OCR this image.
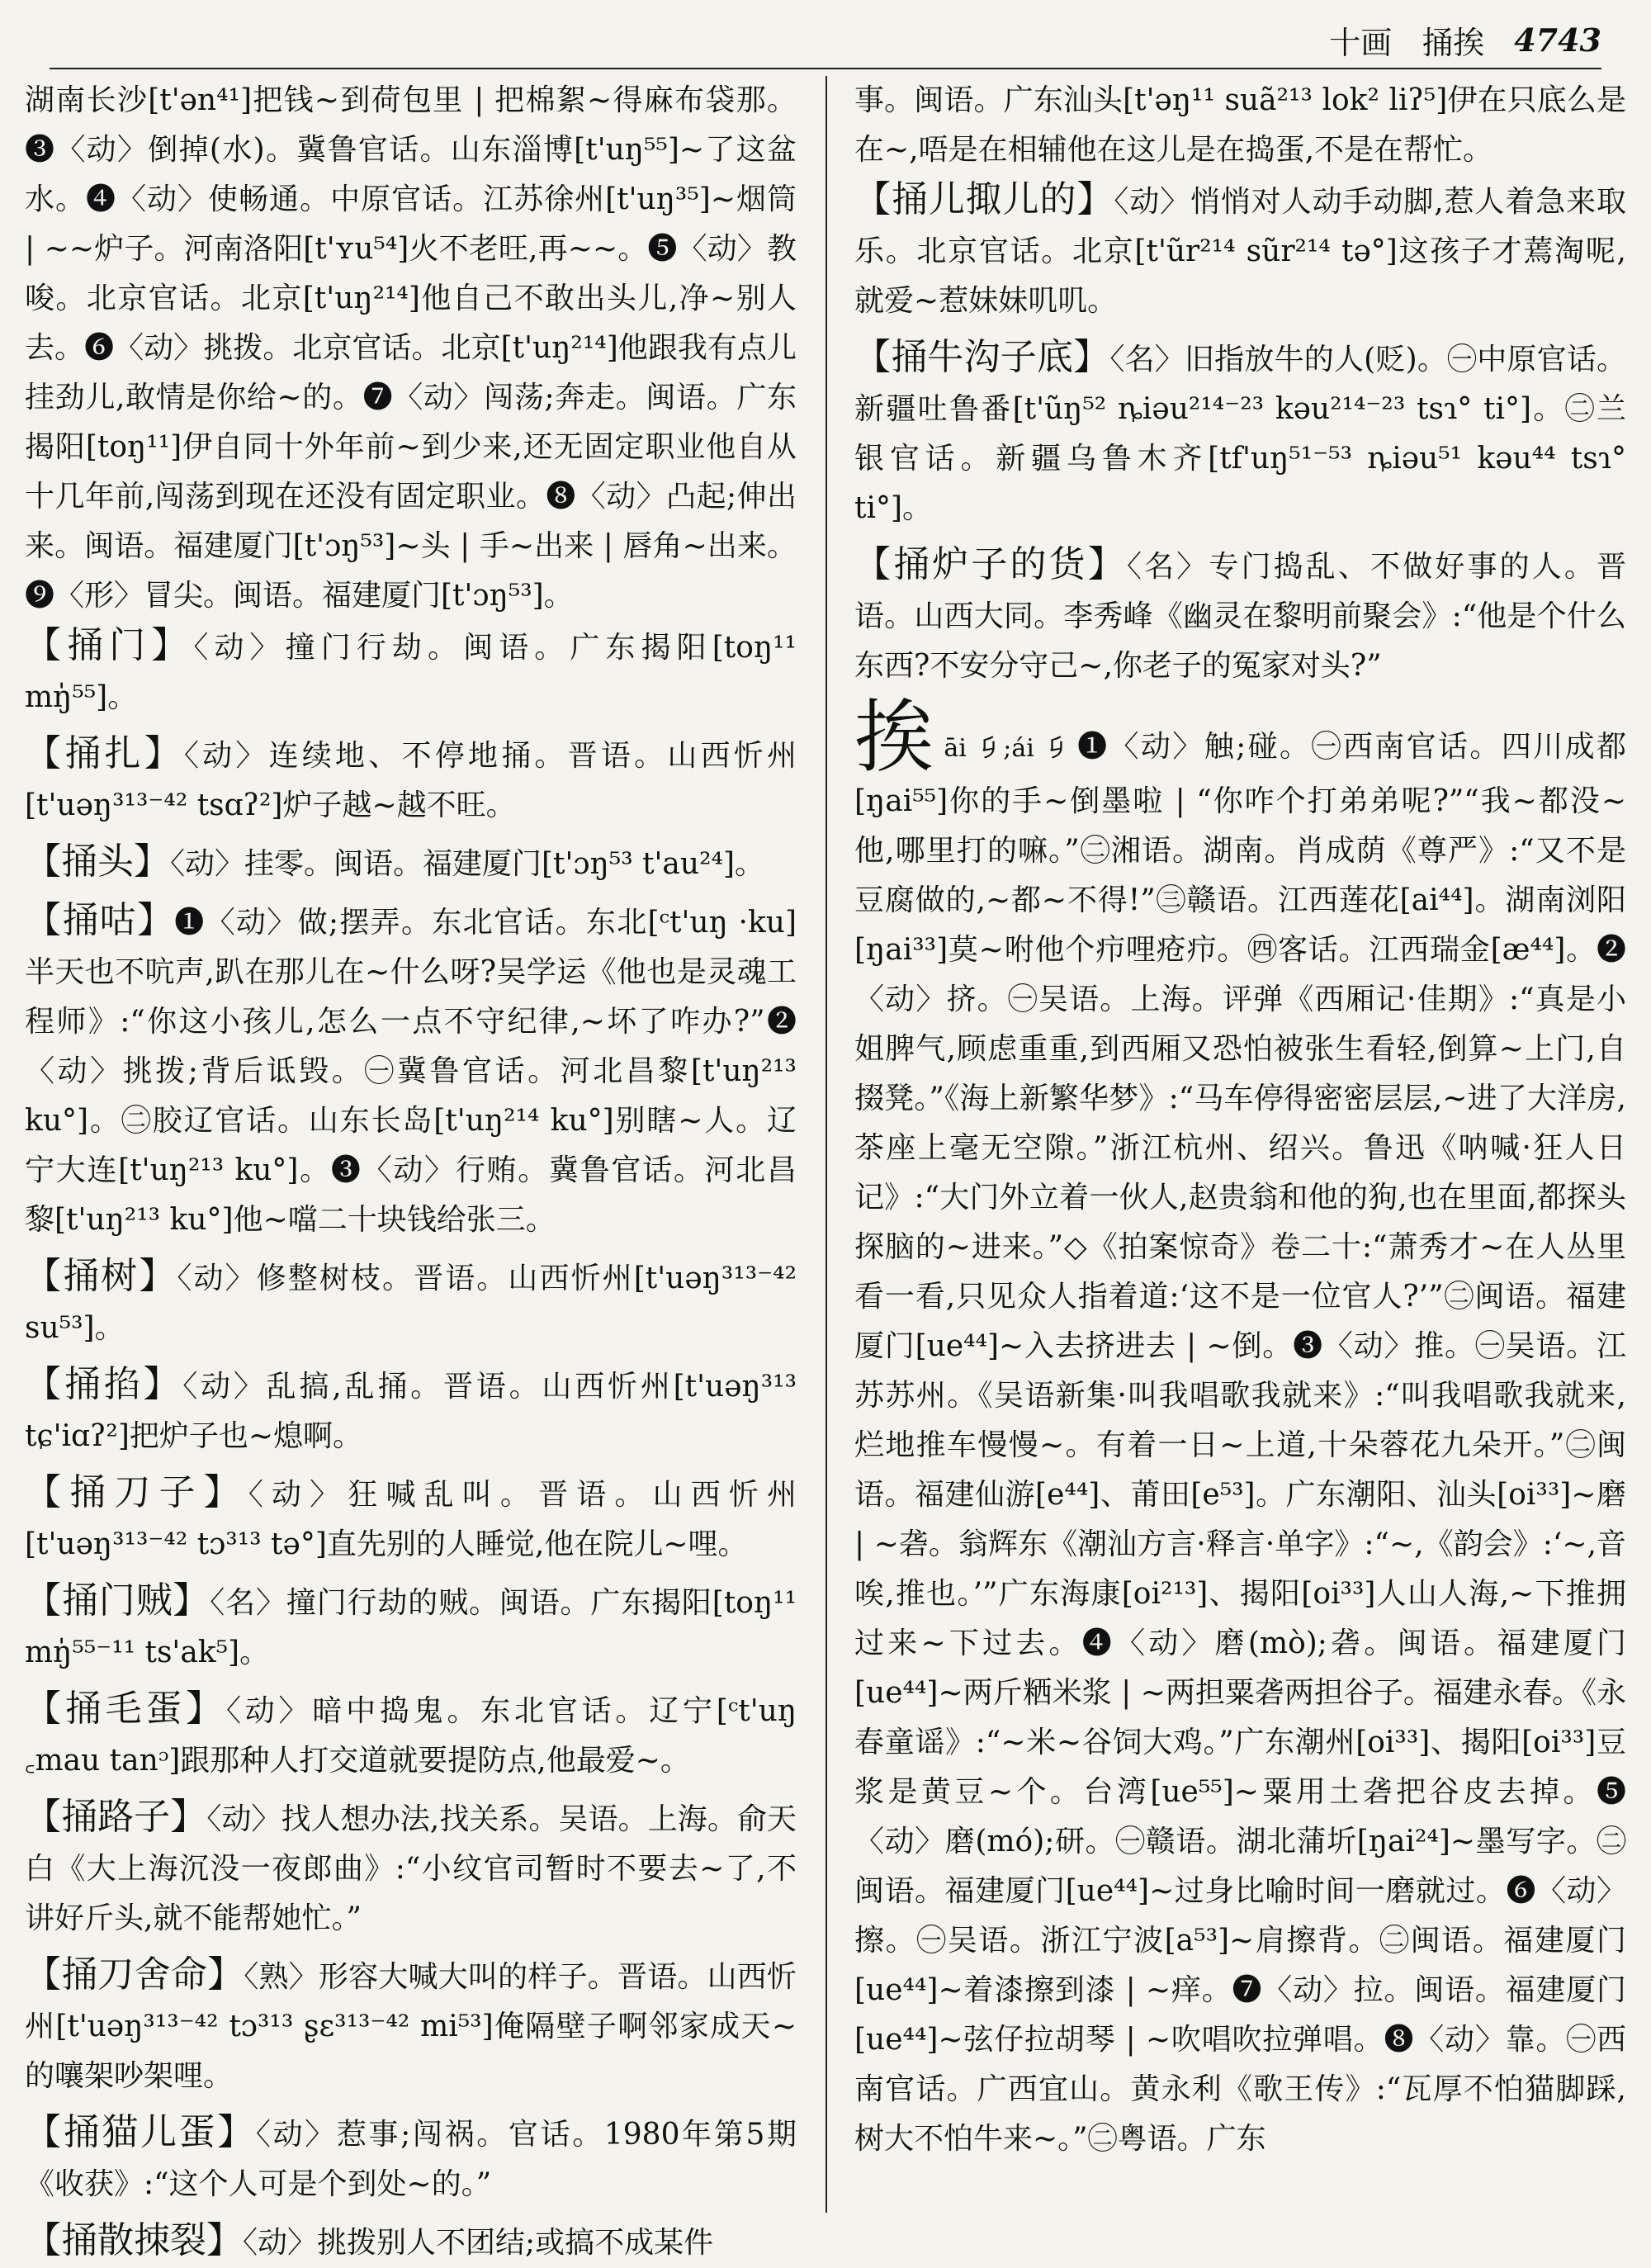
十画 捅挨 4743
湖南长沙[t'ən⁴¹]把钱~到荷包里 | 把棉絮~得麻布袋那。❸〈动〉倒掉(水)。冀鲁官话。山东淄博[t'uŋ⁵⁵]~了这盆水。❹〈动〉使畅通。中原官话。江苏徐州[t'uŋ³⁵]~烟筒 | ~~炉子。河南洛阳[t'ʏu⁵⁴]火不老旺,再~~。❺〈动〉教唆。北京官话。北京[t'uŋ²¹⁴]他自己不敢出头儿,净~别人去。❻〈动〉挑拨。北京官话。北京[t'uŋ²¹⁴]他跟我有点儿挂劲儿,敢情是你给~的。❼〈动〉闯荡;奔走。闽语。广东揭阳[toŋ¹¹]伊自同十外年前~到少来,还无固定职业他自从十几年前,闯荡到现在还没有固定职业。❽〈动〉凸起;伸出来。闽语。福建厦门[t'ɔŋ⁵³]~头 | 手~出来 | 唇角~出来。❾〈形〉冒尖。闽语。福建厦门[t'ɔŋ⁵³]。
【 捅门 】 〈动〉撞门行劫。闽语。广东揭阳[toŋ¹¹ mŋ̍⁵⁵]。
【 捅扎 】 〈动〉连续地、不停地捅。晋语。山西忻州[t'uəŋ³¹³⁻⁴² tsɑʔ²]炉子越~越不旺。
【 捅头 】 〈动〉挂零。闽语。福建厦门[t'ɔŋ⁵³ t'au²⁴]。
【 捅咕 】 ❶〈动〉做;摆弄。东北官话。东北[ᶜt'uŋ ·ku]半天也不吭声,趴在那儿在~什么呀?吴学运《他也是灵魂工程师》:“你这小孩儿,怎么一点不守纪律,~坏了咋办?”❷〈动〉挑拨;背后诋毁。㊀冀鲁官话。河北昌黎[t'uŋ²¹³ ku°]。㊁胶辽官话。山东长岛[t'uŋ²¹⁴ ku°]别瞎~人。辽宁大连[t'uŋ²¹³ ku°]。❸〈动〉行贿。冀鲁官话。河北昌黎[t'uŋ²¹³ ku°]他~噹二十块钱给张三。
【 捅树 】 〈动〉修整树枝。晋语。山西忻州[t'uəŋ³¹³⁻⁴² su⁵³]。
【 捅掐 】 〈动〉乱搞,乱捅。晋语。山西忻州[t'uəŋ³¹³ tɕ'iɑʔ²]把炉子也~熄啊。
【 捅刀子 】 〈动〉狂喊乱叫。晋语。山西忻州[t'uəŋ³¹³⁻⁴² tɔ³¹³ tə°]直先别的人睡觉,他在院儿~哩。
【 捅门贼 】 〈名〉撞门行劫的贼。闽语。广东揭阳[toŋ¹¹ mŋ̍⁵⁵⁻¹¹ ts'ak⁵]。
【 捅毛蛋 】 〈动〉暗中捣鬼。东北官话。辽宁[ᶜt'uŋ ꜀mau tanᵓ]跟那种人打交道就要提防点,他最爱~。
【 捅路子 】 〈动〉找人想办法,找关系。吴语。上海。俞天白《大上海沉没一夜郎曲》:“小纹官司暂时不要去~了,不讲好斤头,就不能帮她忙。”
【 捅刀舍命 】 〈熟〉形容大喊大叫的样子。晋语。山西忻州[t'uəŋ³¹³⁻⁴² tɔ³¹³ ʂɛ³¹³⁻⁴² mi⁵³]俺隔壁子啊邻家成天~的嚷架吵架哩。
【 捅猫儿蛋 】 〈动〉惹事;闯祸。官话。1980年第5期《收获》:“这个人可是个到处~的。”
【 捅散拺裂 】 〈动〉挑拨别人不团结;或搞不成某件
事。闽语。广东汕头[t'əŋ¹¹ suã²¹³ lok² liʔ⁵]伊在只底么是在~,唔是在相辅他在这儿是在捣蛋,不是在帮忙。
【 捅儿掫儿的 】 〈动〉悄悄对人动手动脚,惹人着急来取乐。北京官话。北京[t'ũr²¹⁴ sũr²¹⁴ tə°]这孩子才蔫淘呢,就爱~惹妹妹叽叽。
【 捅牛沟子底 】 〈名〉旧指放牛的人(贬)。㊀中原官话。新疆吐鲁番[t'ũŋ⁵² ȵiəu²¹⁴⁻²³ kəu²¹⁴⁻²³ tsɿ° ti°]。㊁兰银官话。新疆乌鲁木齐[tf'uŋ⁵¹⁻⁵³ ȵiəu⁵¹ kəu⁴⁴ tsɿ° ti°]。
【 捅炉子的货 】 〈名〉专门捣乱、不做好事的人。晋语。山西大同。李秀峰《幽灵在黎明前聚会》:“他是个什么东西?不安分守己~,你老子的冤家对头?”
挨āi 𠂎;ái 𠂎 ❶〈动〉触;碰。㊀西南官话。四川成都[ŋai⁵⁵]你的手~倒墨啦 | “你咋个打弟弟呢?”“我~都没~他,哪里打的嘛。”㊁湘语。湖南。肖成荫《尊严》:“又不是豆腐做的,~都~不得!”㊂赣语。江西莲花[ai⁴⁴]。湖南浏阳[ŋai³³]莫~咐他个疖哩疮疖。㊃客话。江西瑞金[æ⁴⁴]。❷〈动〉挤。㊀吴语。上海。评弹《西厢记·佳期》:“真是小姐脾气,顾虑重重,到西厢又恐怕被张生看轻,倒算~上门,自掇凳。”《海上新繁华梦》:“马车停得密密层层,~进了大洋房,茶座上毫无空隙。”浙江杭州、绍兴。鲁迅《呐喊·狂人日记》:“大门外立着一伙人,赵贵翁和他的狗,也在里面,都探头探脑的~进来。”◇《拍案惊奇》卷二十:“萧秀才~在人丛里看一看,只见众人指着道:‘这不是一位官人?’”㊁闽语。福建厦门[ue⁴⁴]~入去挤进去 | ~倒。❸〈动〉推。㊀吴语。江苏苏州。《吴语新集·叫我唱歌我就来》:“叫我唱歌我就来,烂地推车慢慢~。有着一日~上道,十朵蓉花九朵开。”㊁闽语。福建仙游[e⁴⁴]、莆田[e⁵³]。广东潮阳、汕头[oi³³]~磨 | ~砻。翁辉东《潮汕方言·释言·单字》:“~,《韵会》:‘~,音唉,推也。’”广东海康[oi²¹³]、揭阳[oi³³]人山人海,~下推拥过来~下过去。❹〈动〉磨(mò);砻。闽语。福建厦门[ue⁴⁴]~两斤粞米浆 | ~两担粟砻两担谷子。福建永春。《永春童谣》:“~米~谷饲大鸡。”广东潮州[oi³³]、揭阳[oi³³]豆浆是黄豆~个。台湾[ue⁵⁵]~粟用土砻把谷皮去掉。❺〈动〉磨(mó);研。㊀赣语。湖北蒲圻[ŋai²⁴]~墨写字。㊁闽语。福建厦门[ue⁴⁴]~过身比喻时间一磨就过。❻〈动〉擦。㊀吴语。浙江宁波[a⁵³]~肩擦背。㊁闽语。福建厦门[ue⁴⁴]~着漆擦到漆 | ~痒。❼〈动〉拉。闽语。福建厦门[ue⁴⁴]~弦仔拉胡琴 | ~吹唱吹拉弹唱。❽〈动〉靠。㊀西南官话。广西宜山。黄永利《歌王传》:“瓦厚不怕猫脚踩,树大不怕牛来~。”㊁粤语。广东
